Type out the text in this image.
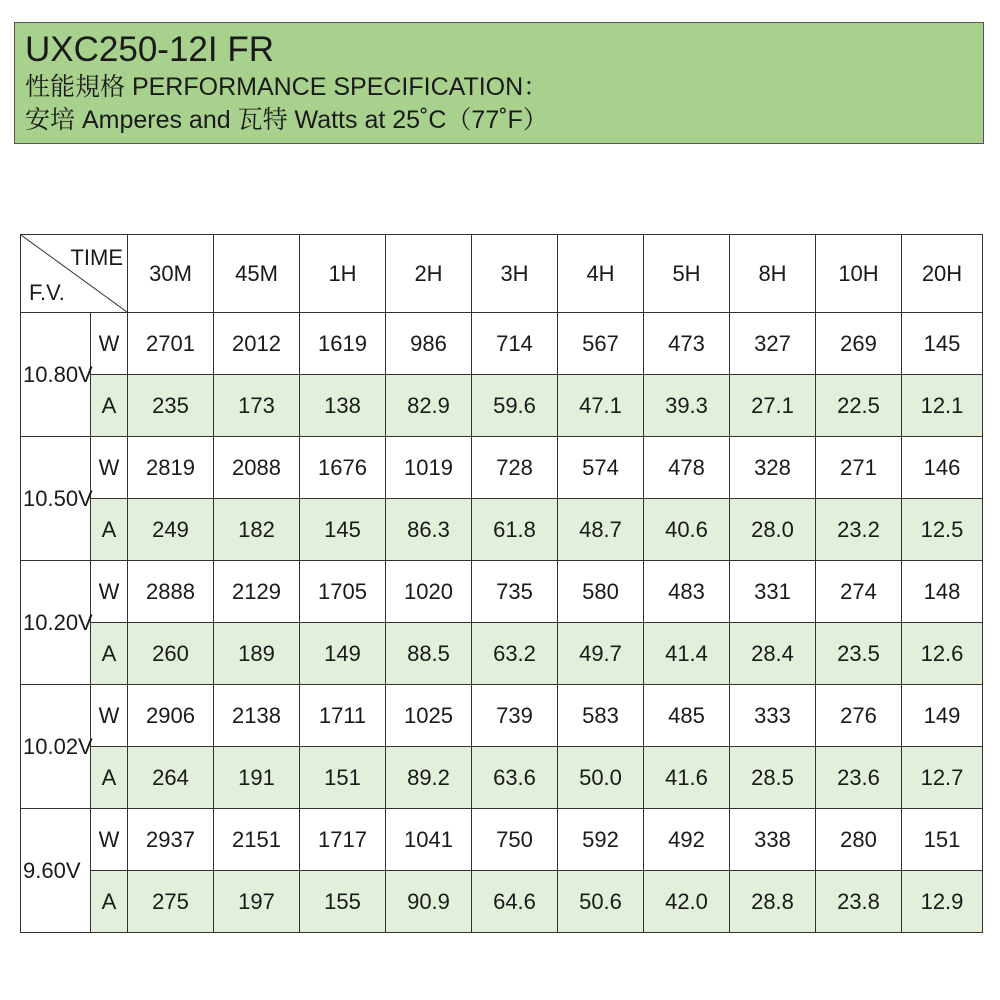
UXC250-12I FR

性能規格 PERFORMANCE SPECIFICATION：

安培 Amperes and 瓦特 Watts at 25˚C（77˚F）

TIME
F.V.		30M	45M	1H	2H	3H	4H	5H	8H	10H	20H
10.80V	W	2701	2012	1619	986	714	567	473	327	269	145
	A	235	173	138	82.9	59.6	47.1	39.3	27.1	22.5	12.1
10.50V	W	2819	2088	1676	1019	728	574	478	328	271	146
	A	249	182	145	86.3	61.8	48.7	40.6	28.0	23.2	12.5
10.20V	W	2888	2129	1705	1020	735	580	483	331	274	148
	A	260	189	149	88.5	63.2	49.7	41.4	28.4	23.5	12.6
10.02V	W	2906	2138	1711	1025	739	583	485	333	276	149
	A	264	191	151	89.2	63.6	50.0	41.6	28.5	23.6	12.7
9.60V	W	2937	2151	1717	1041	750	592	492	338	280	151
	A	275	197	155	90.9	64.6	50.6	42.0	28.8	23.8	12.9
